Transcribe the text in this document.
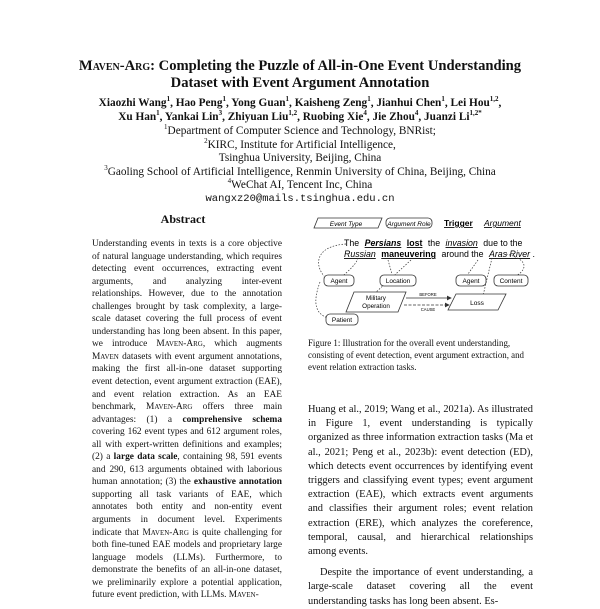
Maven-Arg: Completing the Puzzle of All-in-One Event Understanding
Dataset with Event Argument Annotation
Xiaozhi Wang$^1$, Hao Peng$^1$, Yong Guan$^1$, Kaisheng Zeng$^1$, Jianhui Chen$^1$, Lei Hou$^{1,2}$,
Xu Han$^1$, Yankai Lin$^3$, Zhiyuan Liu$^{1,2}$, Ruobing Xie$^4$, Jie Zhou$^4$, Juanzi $Li^{1,2*}$
$^1$Department of Computer Science and Technology, BNRist;
$^2$KIRC, Institute for Artificial Intelligence,
Tsinghua University, Beijing, China
$^3$Gaoling School of Artificial Intelligence, Renmin University of China, Beijing, China
$^4$WeChat AI, Tencent Inc, China
wangxz20@mails.tsinghua.edu.cn
Abstract
Understanding events in texts is a core objective of natural language understanding, which requires detecting event occurrences, extracting event arguments, and analyzing inter-event relationships. However, due to the annotation challenges brought by task complexity, a large-scale dataset covering the full process of event understanding has long been absent. In this paper, we introduce Maven-Arg, which augments Maven datasets with event argument annotations, making the first all-in-one dataset supporting event detection, event argument extraction (EAE), and event relation extraction. As an EAE benchmark, Maven-Arg offers three main advantages: (1) a comprehensive schema covering 162 event types and 612 argument roles, all with expert-written definitions and examples; (2) a large data scale, containing 98, 591 events and 290, 613 arguments obtained with laborious human annotation; (3) the exhaustive annotation supporting all task variants of EAE, which annotates both entity and non-entity event arguments in document level. Experiments indicate that Maven-Arg is quite challenging for both fine-tuned EAE models and proprietary large language models (LLMs). Furthermore, to demonstrate the benefits of an all-in-one dataset, we preliminarily explore a potential application, future event prediction, with LLMs. Maven-
Event Type	Argument Role Trigger Argument
The Persians lost the invasion due to the Russian maneuvering around the Aras River .
Agent	Location	Agent	Content
Patient
Military
Operation	Loss
BEFORE
CAUSE
Figure 1: Illustration for the overall event understanding, consisting of event detection, event argument extraction, and event relation extraction tasks.

Huang et al., 2019; Wang et al., 2021a). As illustrated in Figure 1, event understanding is typically organized as three information extraction tasks (Ma et al., 2021; Peng et al., 2023b): event detection (ED), which detects event occurrences by identifying event triggers and classifying event types; event argument extraction (EAE), which extracts event arguments and classifies their argument roles; event relation extraction (ERE), which analyzes the coreference, temporal, causal, and hierarchical relationships among events.

Despite the importance of event understanding, a large-scale dataset covering all the event understanding tasks has long been absent. Es-
